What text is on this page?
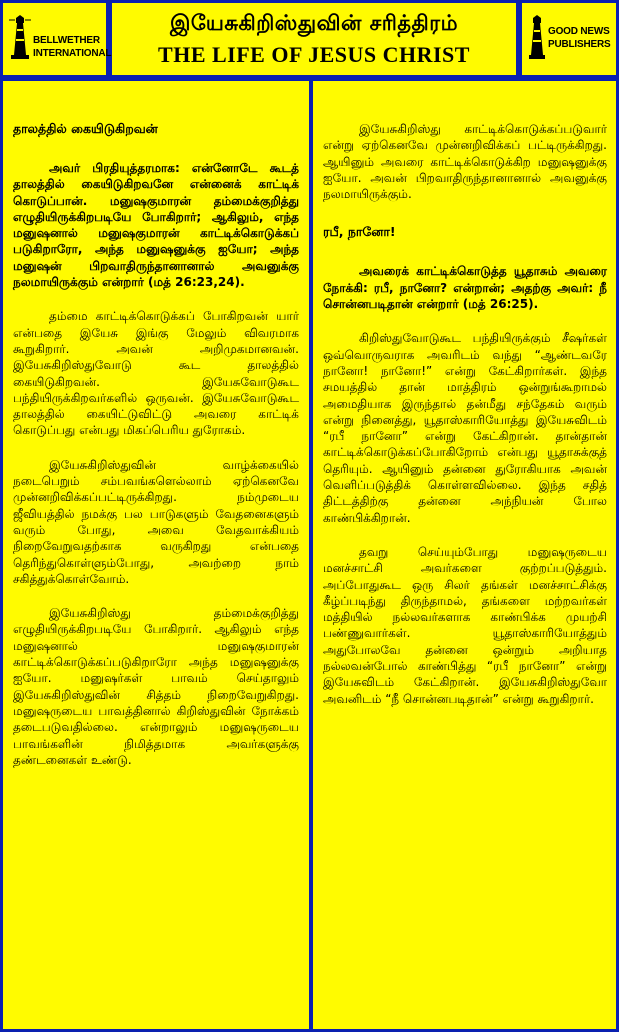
BELLWETHER
INTERNATIONAL
இயேசுகிறிஸ்துவின் சரித்திரம்
THE LIFE OF JESUS CHRIST
GOOD NEWS
PUBLISHERS
தாலத்தில் கையிடுகிறவன்

அவர் பிரதியுத்தரமாக: என்னோடே கூடத் தாலத்தில் கையிடுகிறவனே என்னைக் காட்டிக் கொடுப்பான். மனுஷகுமாரன் தம்மைக்குறித்து எழுதியிருக்கிறபடியே போகிறார்; ஆகிலும், எந்த மனுஷனால் மனுஷகுமாரன் காட்டிக்கொடுக்கப் படுகிறாரோ, அந்த மனுஷனுக்கு ஐயோ; அந்த மனுஷன் பிறவாதிருந்தானானால் அவனுக்கு நலமாயிருக்கும் என்றார் (மத் 26:23,24).

தம்மை காட்டிக்கொடுக்கப் போகிறவன் யார் என்பதை இயேசு இங்கு மேலும் விவரமாக கூறுகிறார். அவன் அறிமுகமானவன். இயேசுகிறிஸ்துவோடு கூட தாலத்தில் கையிடுகிறவன். இயேசுவோடுகூட பந்தியிருக்கிறவர்களில் ஒருவன். இயேசுவோடுகூட தாலத்தில் கையிட்டுவிட்டு அவரை காட்டிக் கொடுப்பது என்பது மிகப்பெரிய துரோகம்.

இயேசுகிறிஸ்துவின் வாழ்க்கையில் நடைபெறும் சம்பவங்களெல்லாம் ஏற்கெனவே முன்னறிவிக்கப்பட்டிருக்கிறது. நம்முடைய ஜீவியத்தில் நமக்கு பல பாடுகளும் வேதனைகளும் வரும் போது, அவை வேதவாக்கியம் நிறைவேறுவதற்காக வருகிறது என்பதை தெரிந்துகொள்ளும்போது, அவற்றை நாம் சகித்துக்கொள்வோம்.

இயேசுகிறிஸ்து தம்மைக்குறித்து எழுதியிருக்கிறபடியே போகிறார். ஆகிலும் எந்த மனுஷனால் மனுஷகுமாரன் காட்டிக்கொடுக்கப்படுகிறாரோ அந்த மனுஷனுக்கு ஐயோ. மனுஷர்கள் பாவம் செய்தாலும் இயேசுகிறிஸ்துவின் சித்தம் நிறைவேறுகிறது. மனுஷருடைய பாவத்தினால் கிறிஸ்துவின் நோக்கம் தடைபடுவதில்லை. என்றாலும் மனுஷருடைய பாவங்களின் நிமித்தமாக அவர்களுக்கு தண்டனைகள் உண்டு.

இயேசுகிறிஸ்து காட்டிக்கொடுக்கப்படுவார் என்று ஏற்கெனவே முன்னறிவிக்கப் பட்டிருக்கிறது. ஆயினும் அவரை காட்டிக்கொடுக்கிற மனுஷனுக்கு ஐயோ. அவன் பிறவாதிருந்தானானால் அவனுக்கு நலமாயிருக்கும்.

ரபீ, நானோ!

அவரைக் காட்டிக்கொடுத்த யூதாசும் அவரை நோக்கி: ரபீ, நானோ? என்றான்; அதற்கு அவர்: நீ சொன்னபடிதான் என்றார் (மத் 26:25).

கிறிஸ்துவோடுகூட பந்தியிருக்கும் சீஷர்கள் ஒவ்வொருவராக அவரிடம் வந்து “ஆண்டவரே நானோ! நானோ!” என்று கேட்கிறார்கள். இந்த சமயத்தில் தான் மாத்திரம் ஒன்றுங்கூறாமல் அமைதியாக இருந்தால் தன்மீது சந்தேகம் வரும் என்று நினைத்து, யூதாஸ்காரியோத்து இயேசுவிடம் “ரபீ நானோ” என்று கேட்கிறான். தான்தான் காட்டிக்கொடுக்கப்போகிறோம் என்பது யூதாசுக்குத் தெரியும். ஆயினும் தன்னை துரோகியாக அவன் வெளிப்படுத்திக் கொள்ளவில்லை. இந்த சதித் திட்டத்திற்கு தன்னை அந்நியன் போல காண்பிக்கிறான்.

தவறு செய்யும்போது மனுஷருடைய மனச்சாட்சி அவர்களை குற்றப்படுத்தும். அப்போதுகூட ஒரு சிலர் தங்கள் மனச்சாட்சிக்கு கீழ்ப்படிந்து திருந்தாமல், தங்களை மற்றவர்கள் மத்தியில் நல்லவர்களாக காண்பிக்க முயற்சி பண்ணுவார்கள். யூதாஸ்காரியோத்தும் அதுபோலவே தன்னை ஒன்றும் அறியாத நல்லவன்போல் காண்பித்து “ரபீ நானோ” என்று இயேசுவிடம் கேட்கிறான். இயேசுகிறிஸ்துவோ அவனிடம் “நீ சொன்னபடிதான்” என்று கூறுகிறார்.
